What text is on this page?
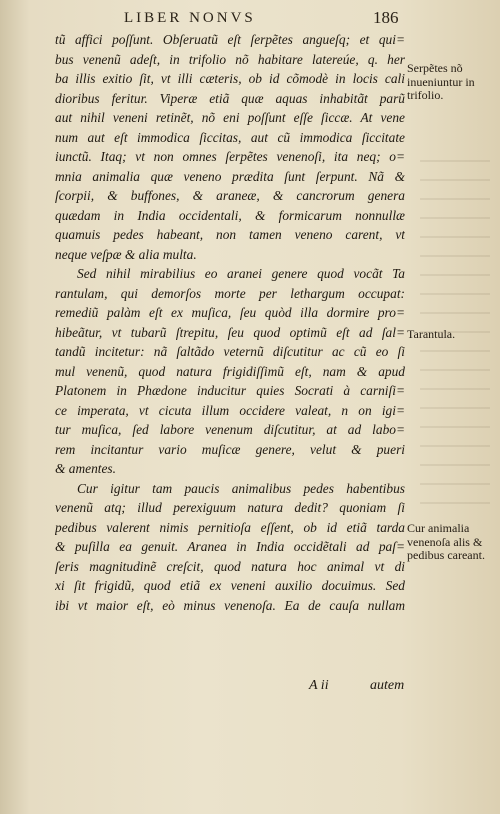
LIBER NONVS	186
tũ affici poſſunt. Obſeruatũ eſt ſerpẽtes angueſq; et qui=
bus venenũ adeſt, in trifolio nõ habitare latereúe, q. her
ba illis exitio ſit, vt illi cæteris, ob id cõmodè in locis cali
dioribus feritur. Viperæ etiã quæ aquas inhabitãt parũ
aut nihil veneni retinẽt, nõ eni poſſunt eſſe ſiccæ. At vene
num aut eſt immodica ſiccitas, aut cũ immodica ſiccitate
iunctũ. Itaq; vt non omnes ſerpẽtes venenoſi, ita neq; o=
mnia animalia quæ veneno prædita ſunt ſerpunt. Nã &
ſcorpii, & buffones, & araneæ, & cancrorum genera
quædam in India occidentali, & formicarum nonnullæ
quamuis pedes habeant, non tamen veneno carent, vt
neque veſpæ & alia multa.
Sed nihil mirabilius eo aranei genere quod vocãt Ta
rantulam, qui demorſos morte per lethargum occupat:
remediũ palàm eſt ex muſica, ſeu quòd illa dormire pro=
hibeãtur, vt tubarũ ſtrepitu, ſeu quod optimũ eſt ad ſal=
tandũ incitetur: nã ſaltãdo veternũ diſcutitur ac cũ eo ſi
mul venenũ, quod natura frigidiſſimũ eſt, nam & apud
Platonem in Phædone inducitur quies Socrati à carniſi=
ce imperata, vt cicuta illum occidere valeat, n on igi=
tur muſica, ſed labore venenum diſcutitur, at ad labo=
rem incitantur vario muſicæ genere, velut & pueri
& amentes.
Cur igitur tam paucis animalibus pedes habentibus
venenũ atq; illud perexiguum natura dedit? quoniam ſi
pedibus valerent nimis pernitioſa eſſent, ob id etiã tarda
& puſilla ea genuit. Aranea in India occidẽtali ad paſ=
ſeris magnitudinẽ creſcit, quod natura hoc animal vt di
xi ſit frigidũ, quod etiã ex veneni auxilio docuimus. Sed
ibi vt maior eſt, eò minus venenoſa. Ea de cauſa nullam
Serpẽtes nõ inueniuntur in trifolio.
Tarantula.
Cur animalia venenoſa alis & pedibus careant.
A ii	autem
